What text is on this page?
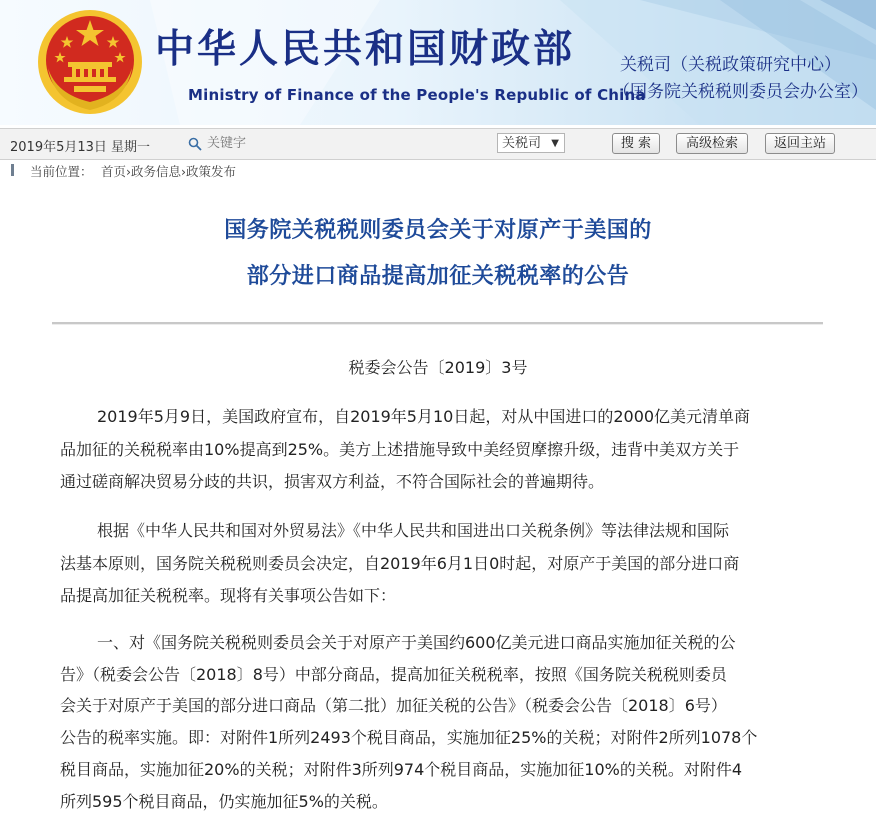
中华人民共和国财政部
Ministry of Finance of the People's Republic of China
关税司（关税政策研究中心）
（国务院关税税则委员会办公室）
2019年5月13日 星期一
关键字	关税司 ▼	搜 索	高级检索	返回主站
当前位置： 首页›政务信息›政策发布
国务院关税税则委员会关于对原产于美国的
部分进口商品提高加征关税税率的公告
税委会公告〔2019〕3号
2019年5月9日，美国政府宣布，自2019年5月10日起，对从中国进口的2000亿美元清单商
品加征的关税税率由10%提高到25%。美方上述措施导致中美经贸摩擦升级，违背中美双方关于
通过磋商解决贸易分歧的共识，损害双方利益，不符合国际社会的普遍期待。
根据《中华人民共和国对外贸易法》《中华人民共和国进出口关税条例》等法律法规和国际
法基本原则，国务院关税税则委员会决定，自2019年6月1日0时起，对原产于美国的部分进口商
品提高加征关税税率。现将有关事项公告如下：
一、对《国务院关税税则委员会关于对原产于美国约600亿美元进口商品实施加征关税的公
告》（税委会公告〔2018〕8号）中部分商品，提高加征关税税率，按照《国务院关税税则委员
会关于对原产于美国的部分进口商品（第二批）加征关税的公告》（税委会公告〔2018〕6号）
公告的税率实施。即：对附件1所列2493个税目商品，实施加征25%的关税；对附件2所列1078个
税目商品，实施加征20%的关税；对附件3所列974个税目商品，实施加征10%的关税。对附件4
所列595个税目商品，仍实施加征5%的关税。
